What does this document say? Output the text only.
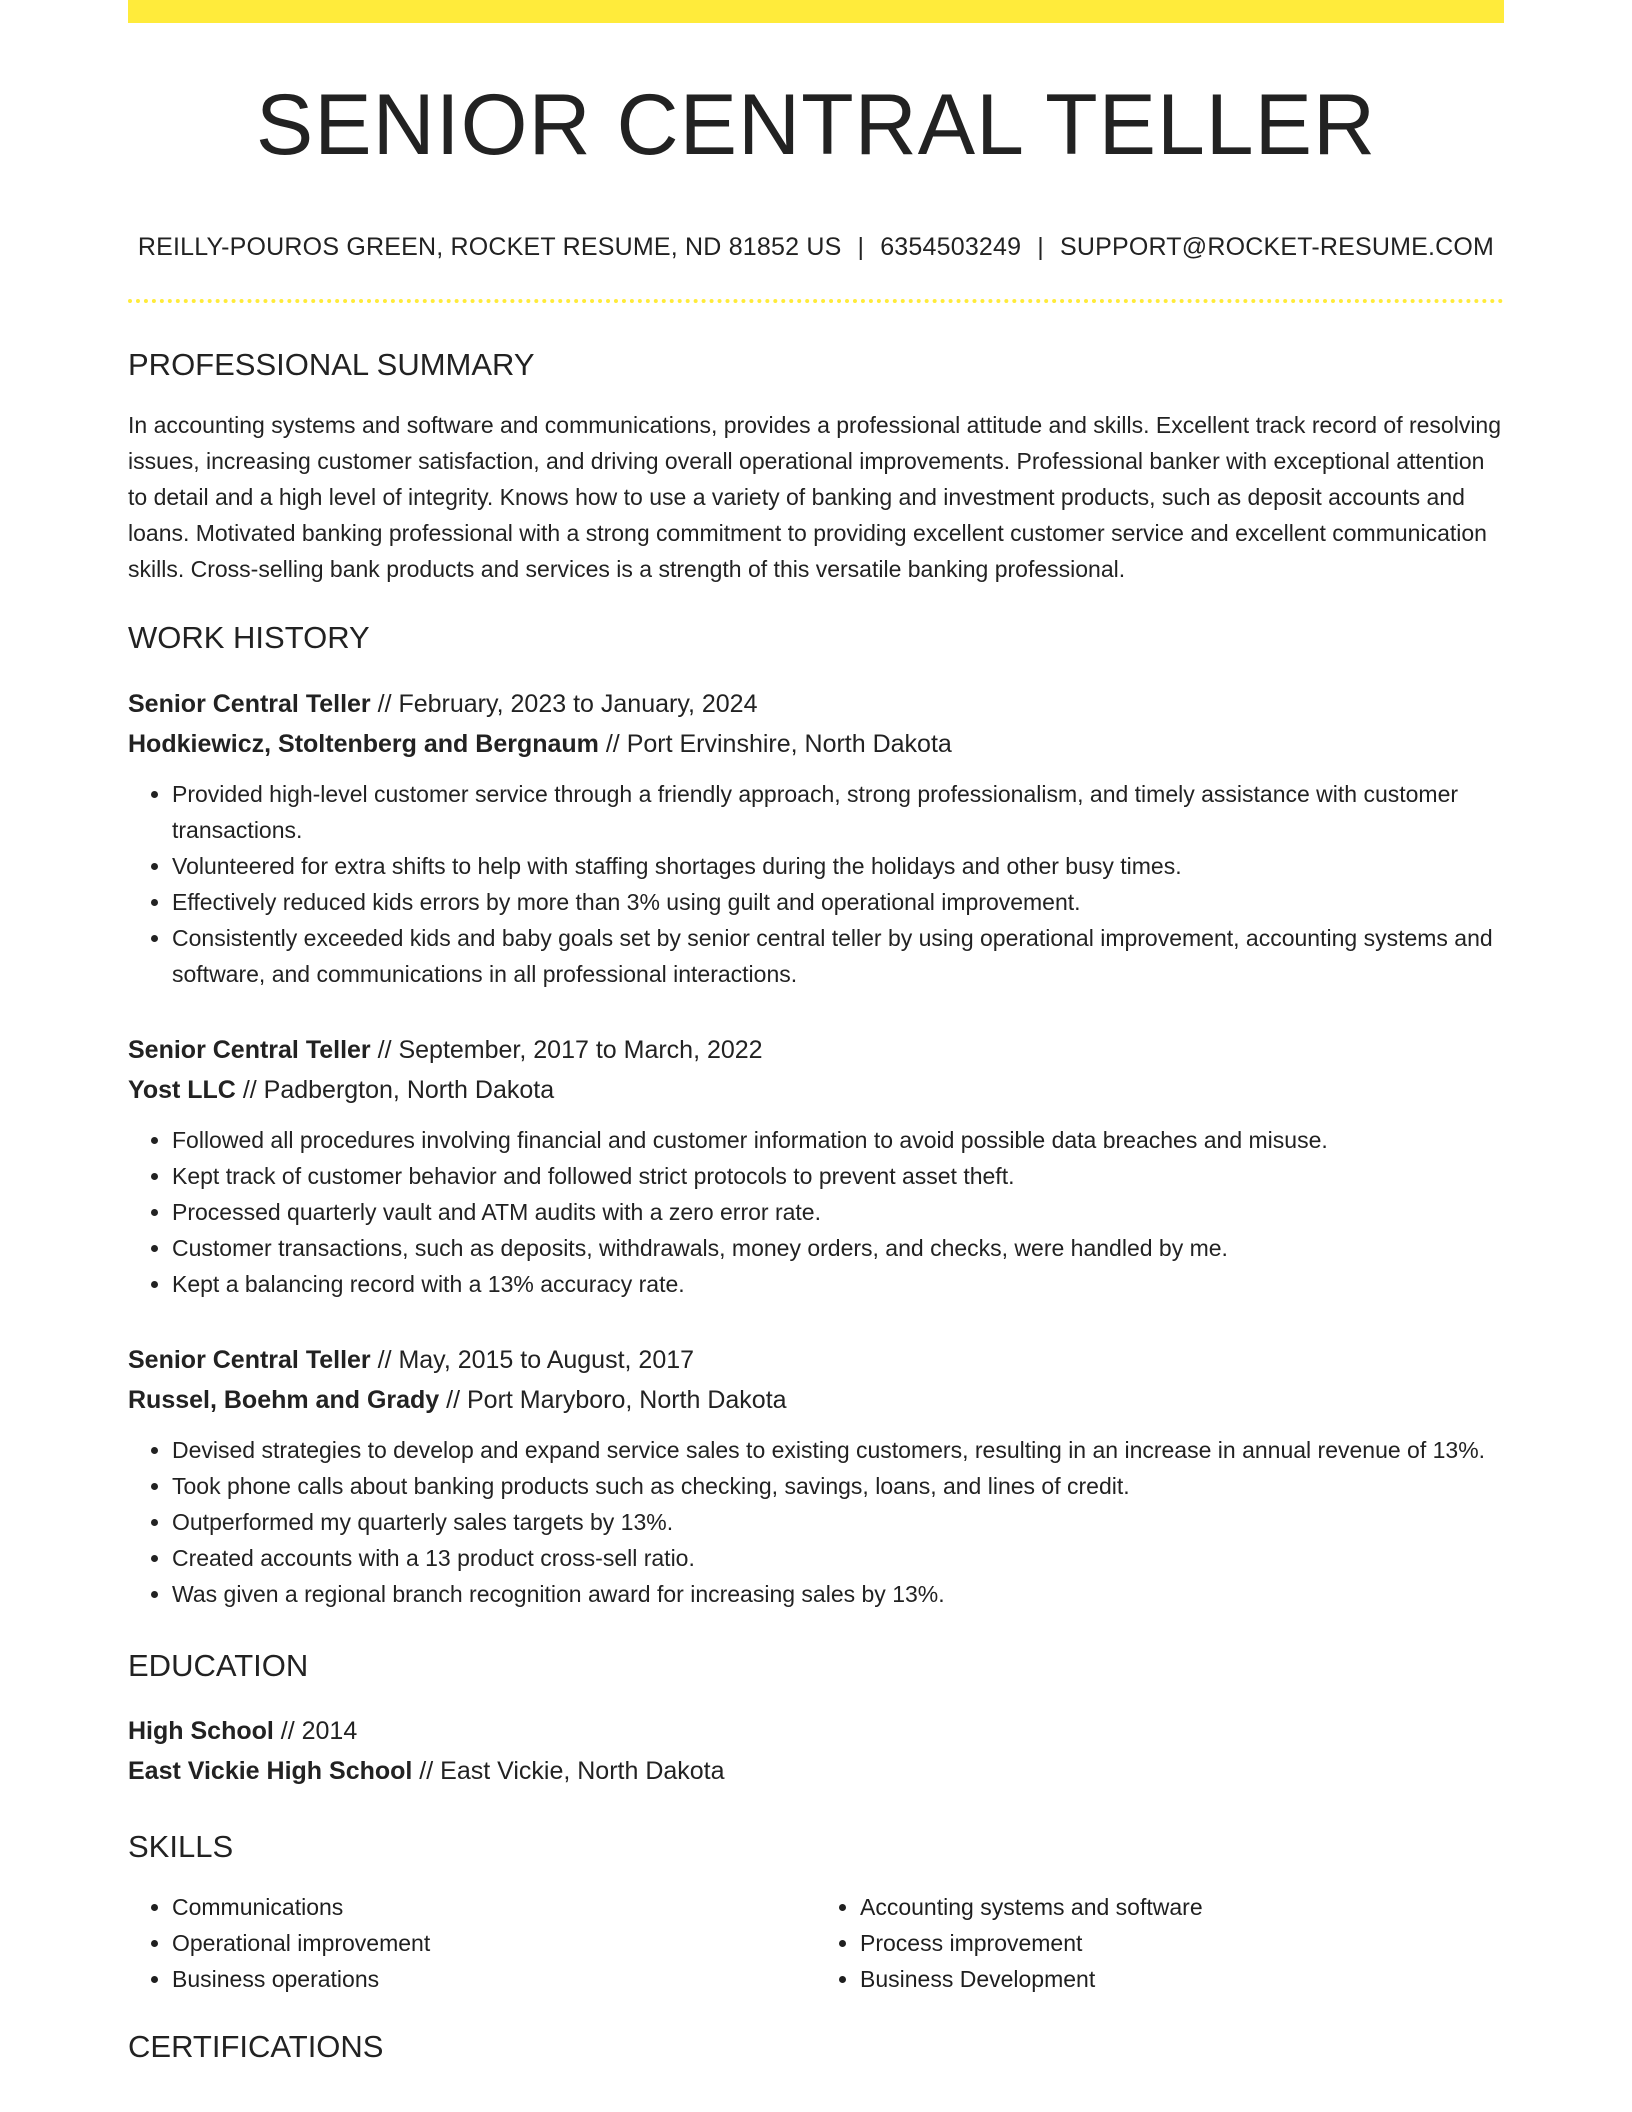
SENIOR CENTRAL TELLER
REILLY-POUROS GREEN, ROCKET RESUME, ND 81852 US | 6354503249 | SUPPORT@ROCKET-RESUME.COM
PROFESSIONAL SUMMARY

In accounting systems and software and communications, provides a professional attitude and skills. Excellent track record of resolving issues, increasing customer satisfaction, and driving overall operational improvements. Professional banker with exceptional attention to detail and a high level of integrity. Knows how to use a variety of banking and investment products, such as deposit accounts and loans. Motivated banking professional with a strong commitment to providing excellent customer service and excellent communication skills. Cross-selling bank products and services is a strength of this versatile banking professional.

WORK HISTORY
Senior Central Teller // February, 2023 to January, 2024
Hodkiewicz, Stoltenberg and Bergnaum // Port Ervinshire, North Dakota
• Provided high-level customer service through a friendly approach, strong professionalism, and timely assistance with customer transactions.
• Volunteered for extra shifts to help with staffing shortages during the holidays and other busy times.
• Effectively reduced kids errors by more than 3% using guilt and operational improvement.
• Consistently exceeded kids and baby goals set by senior central teller by using operational improvement, accounting systems and software, and communications in all professional interactions.
Senior Central Teller // September, 2017 to March, 2022
Yost LLC // Padbergton, North Dakota
• Followed all procedures involving financial and customer information to avoid possible data breaches and misuse.
• Kept track of customer behavior and followed strict protocols to prevent asset theft.
• Processed quarterly vault and ATM audits with a zero error rate.
• Customer transactions, such as deposits, withdrawals, money orders, and checks, were handled by me.
• Kept a balancing record with a 13% accuracy rate.
Senior Central Teller // May, 2015 to August, 2017
Russel, Boehm and Grady // Port Maryboro, North Dakota
• Devised strategies to develop and expand service sales to existing customers, resulting in an increase in annual revenue of 13%.
• Took phone calls about banking products such as checking, savings, loans, and lines of credit.
• Outperformed my quarterly sales targets by 13%.
• Created accounts with a 13 product cross-sell ratio.
• Was given a regional branch recognition award for increasing sales by 13%.
EDUCATION
High School // 2014
East Vickie High School // East Vickie, North Dakota
SKILLS
• Communications
• Operational improvement
• Business operations
• Accounting systems and software
• Process improvement
• Business Development
CERTIFICATIONS
